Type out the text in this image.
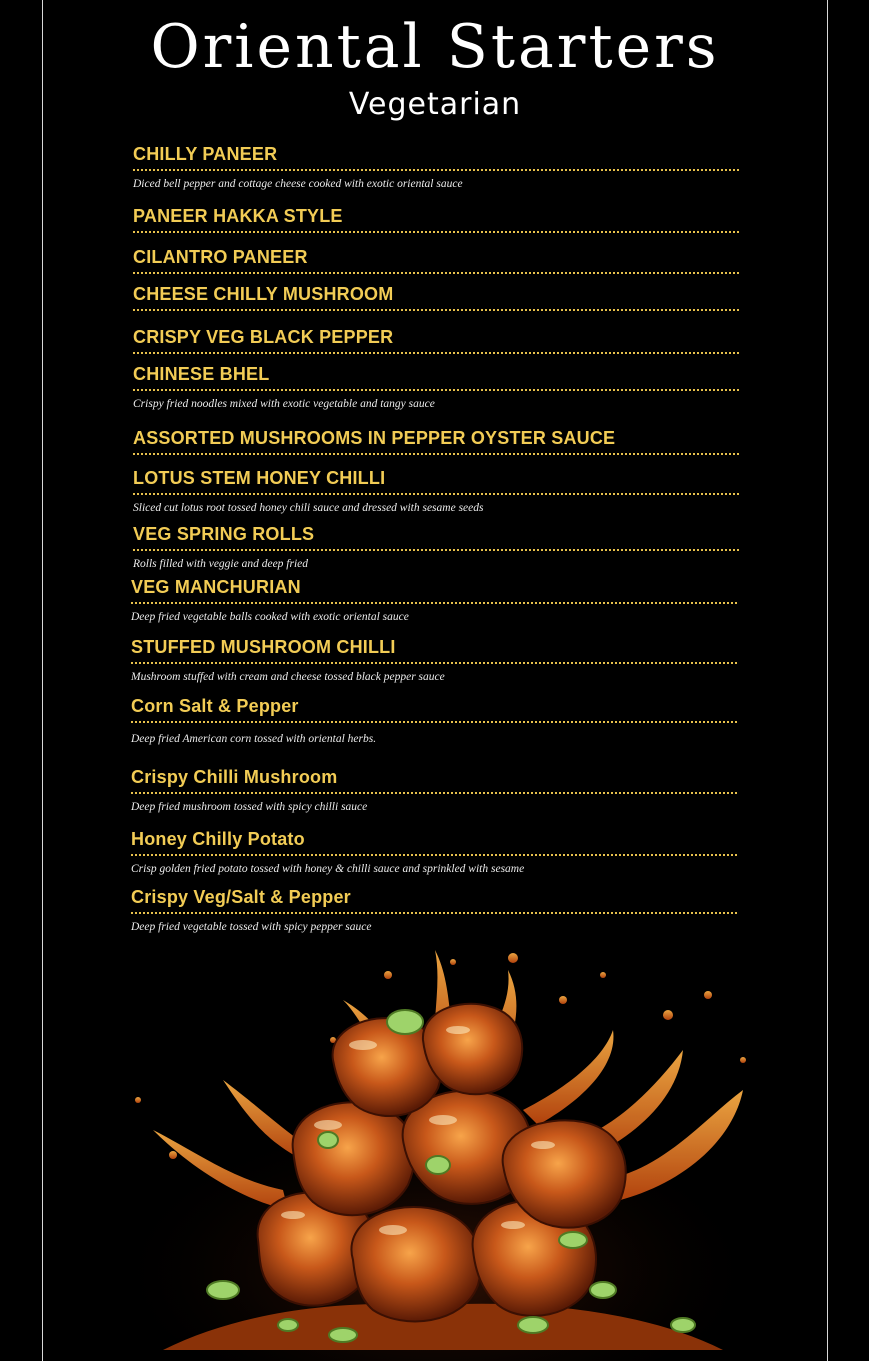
Oriental Starters
Vegetarian
CHILLY PANEER
Diced bell pepper and cottage cheese cooked with exotic oriental sauce
PANEER HAKKA STYLE
CILANTRO PANEER
CHEESE CHILLY MUSHROOM
CRISPY VEG BLACK PEPPER
CHINESE BHEL
Crispy fried noodles mixed with exotic vegetable and tangy sauce
ASSORTED MUSHROOMS IN PEPPER OYSTER SAUCE
LOTUS STEM HONEY CHILLI
Sliced cut lotus root tossed honey chili sauce and dressed with sesame seeds
VEG SPRING ROLLS
Rolls filled with veggie and deep fried
VEG MANCHURIAN
Deep fried vegetable balls cooked with exotic oriental sauce
STUFFED MUSHROOM CHILLI
Mushroom stuffed with cream and cheese tossed black pepper sauce
Corn Salt & Pepper
Deep fried American corn tossed with oriental herbs.
Crispy Chilli Mushroom
Deep fried mushroom tossed with spicy chilli sauce
Honey Chilly Potato
Crisp golden fried potato tossed with honey & chilli sauce and sprinkled with sesame
Crispy Veg/Salt & Pepper
Deep fried vegetable tossed with spicy pepper sauce
